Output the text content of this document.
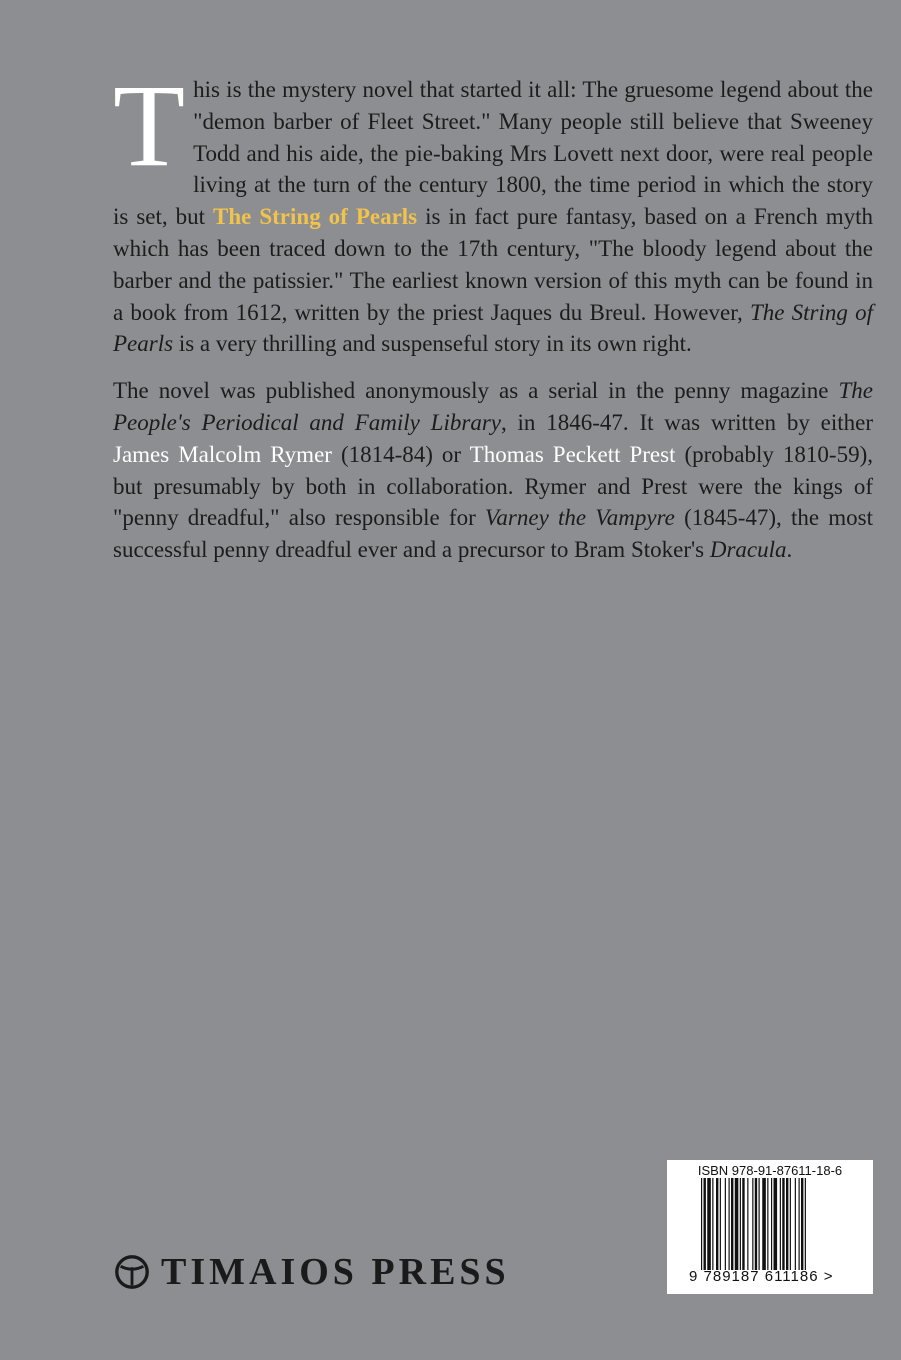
This is the mystery novel that started it all: The gruesome legend about the "demon barber of Fleet Street." Many people still believe that Sweeney Todd and his aide, the pie-baking Mrs Lovett next door, were real people living at the turn of the century 1800, the time period in which the story is set, but The String of Pearls is in fact pure fantasy, based on a French myth which has been traced down to the 17th century, "The bloody legend about the barber and the patissier." The earliest known version of this myth can be found in a book from 1612, written by the priest Jaques du Breul. However, The String of Pearls is a very thrilling and suspenseful story in its own right.

The novel was published anonymously as a serial in the penny magazine The People's Periodical and Family Library, in 1846-47. It was written by either James Malcolm Rymer (1814-84) or Thomas Peckett Prest (probably 1810-59), but presumably by both in collaboration. Rymer and Prest were the kings of "penny dreadful," also responsible for Varney the Vampyre (1845-47), the most successful penny dreadful ever and a precursor to Bram Stoker's Dracula.

TIMAIOS PRESS
ISBN 978-91-87611-18-6
9 789187 611186 >
